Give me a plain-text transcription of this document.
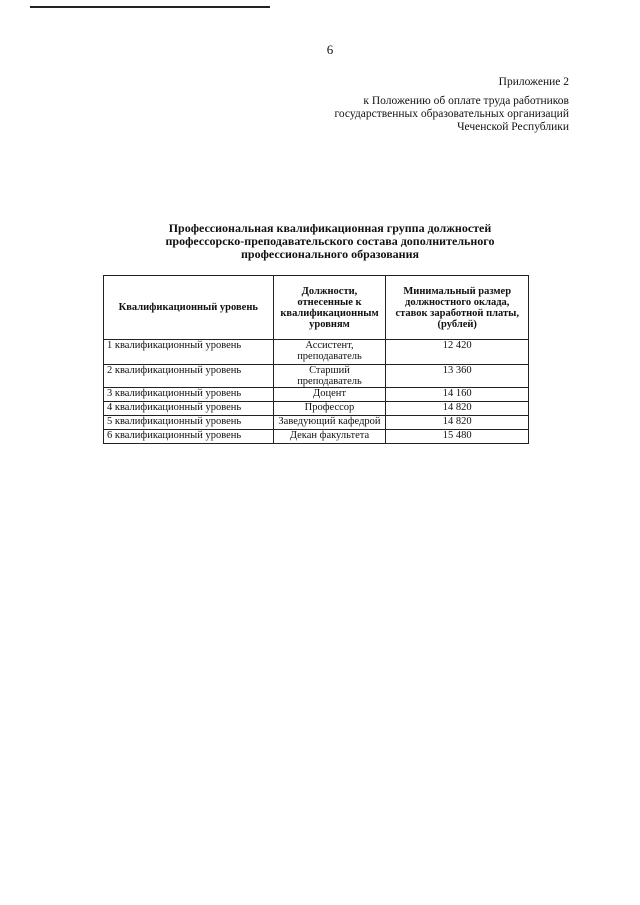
6
Приложение 2
к Положению об оплате труда работников
государственных образовательных организаций
Чеченской Республики
Профессиональная квалификационная группа должностей
профессорско-преподавательского состава дополнительного
профессионального образования
Квалификационный уровень	Должности, отнесенные к квалификационным уровням	Минимальный размер должностного оклада, ставок заработной платы, (рублей)
1 квалификационный уровень	Ассистент, преподаватель	12 420
2 квалификационный уровень	Старший преподаватель	13 360
3 квалификационный уровень	Доцент	14 160
4 квалификационный уровень	Профессор	14 820
5 квалификационный уровень	Заведующий кафедрой	14 820
6 квалификационный уровень	Декан факультета	15 480
